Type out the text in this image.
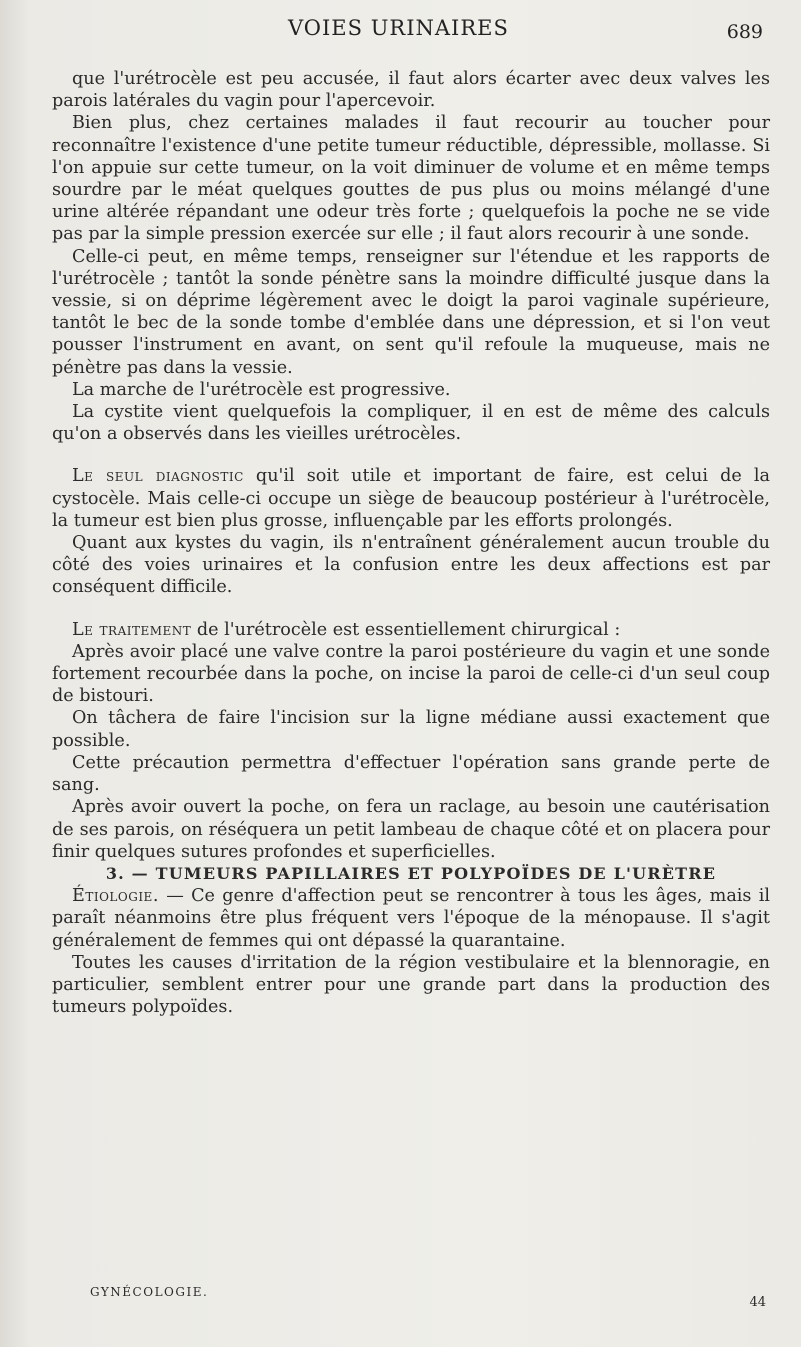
VOIES URINAIRES	689

que l'urétrocèle est peu accusée, il faut alors écarter avec deux valves les parois latérales du vagin pour l'apercevoir.

Bien plus, chez certaines malades il faut recourir au toucher pour reconnaître l'existence d'une petite tumeur réductible, dépressible, mollasse. Si l'on appuie sur cette tumeur, on la voit diminuer de volume et en même temps sourdre par le méat quelques gouttes de pus plus ou moins mélangé d'une urine altérée répandant une odeur très forte ; quelquefois la poche ne se vide pas par la simple pression exercée sur elle ; il faut alors recourir à une sonde.

Celle-ci peut, en même temps, renseigner sur l'étendue et les rapports de l'urétrocèle ; tantôt la sonde pénètre sans la moindre difficulté jusque dans la vessie, si on déprime légèrement avec le doigt la paroi vaginale supérieure, tantôt le bec de la sonde tombe d'emblée dans une dépression, et si l'on veut pousser l'instrument en avant, on sent qu'il refoule la muqueuse, mais ne pénètre pas dans la vessie.

La marche de l'urétrocèle est progressive.

La cystite vient quelquefois la compliquer, il en est de même des calculs qu'on a observés dans les vieilles urétrocèles.

Le seul diagnostic qu'il soit utile et important de faire, est celui de la cystocèle. Mais celle-ci occupe un siège de beaucoup postérieur à l'urétrocèle, la tumeur est bien plus grosse, influençable par les efforts prolongés.

Quant aux kystes du vagin, ils n'entraînent généralement aucun trouble du côté des voies urinaires et la confusion entre les deux affections est par conséquent difficile.

Le traitement de l'urétrocèle est essentiellement chirurgical :

Après avoir placé une valve contre la paroi postérieure du vagin et une sonde fortement recourbée dans la poche, on incise la paroi de celle-ci d'un seul coup de bistouri.

On tâchera de faire l'incision sur la ligne médiane aussi exactement que possible.

Cette précaution permettra d'effectuer l'opération sans grande perte de sang.

Après avoir ouvert la poche, on fera un raclage, au besoin une cautérisation de ses parois, on réséquera un petit lambeau de chaque côté et on placera pour finir quelques sutures profondes et superficielles.

3. — TUMEURS PAPILLAIRES ET POLYPOÏDES DE L'URÈTRE

Étiologie. — Ce genre d'affection peut se rencontrer à tous les âges, mais il paraît néanmoins être plus fréquent vers l'époque de la ménopause. Il s'agit généralement de femmes qui ont dépassé la quarantaine.

Toutes les causes d'irritation de la région vestibulaire et la blennoragie, en particulier, semblent entrer pour une grande part dans la production des tumeurs polypoïdes.

GYNÉCOLOGIE.
44
